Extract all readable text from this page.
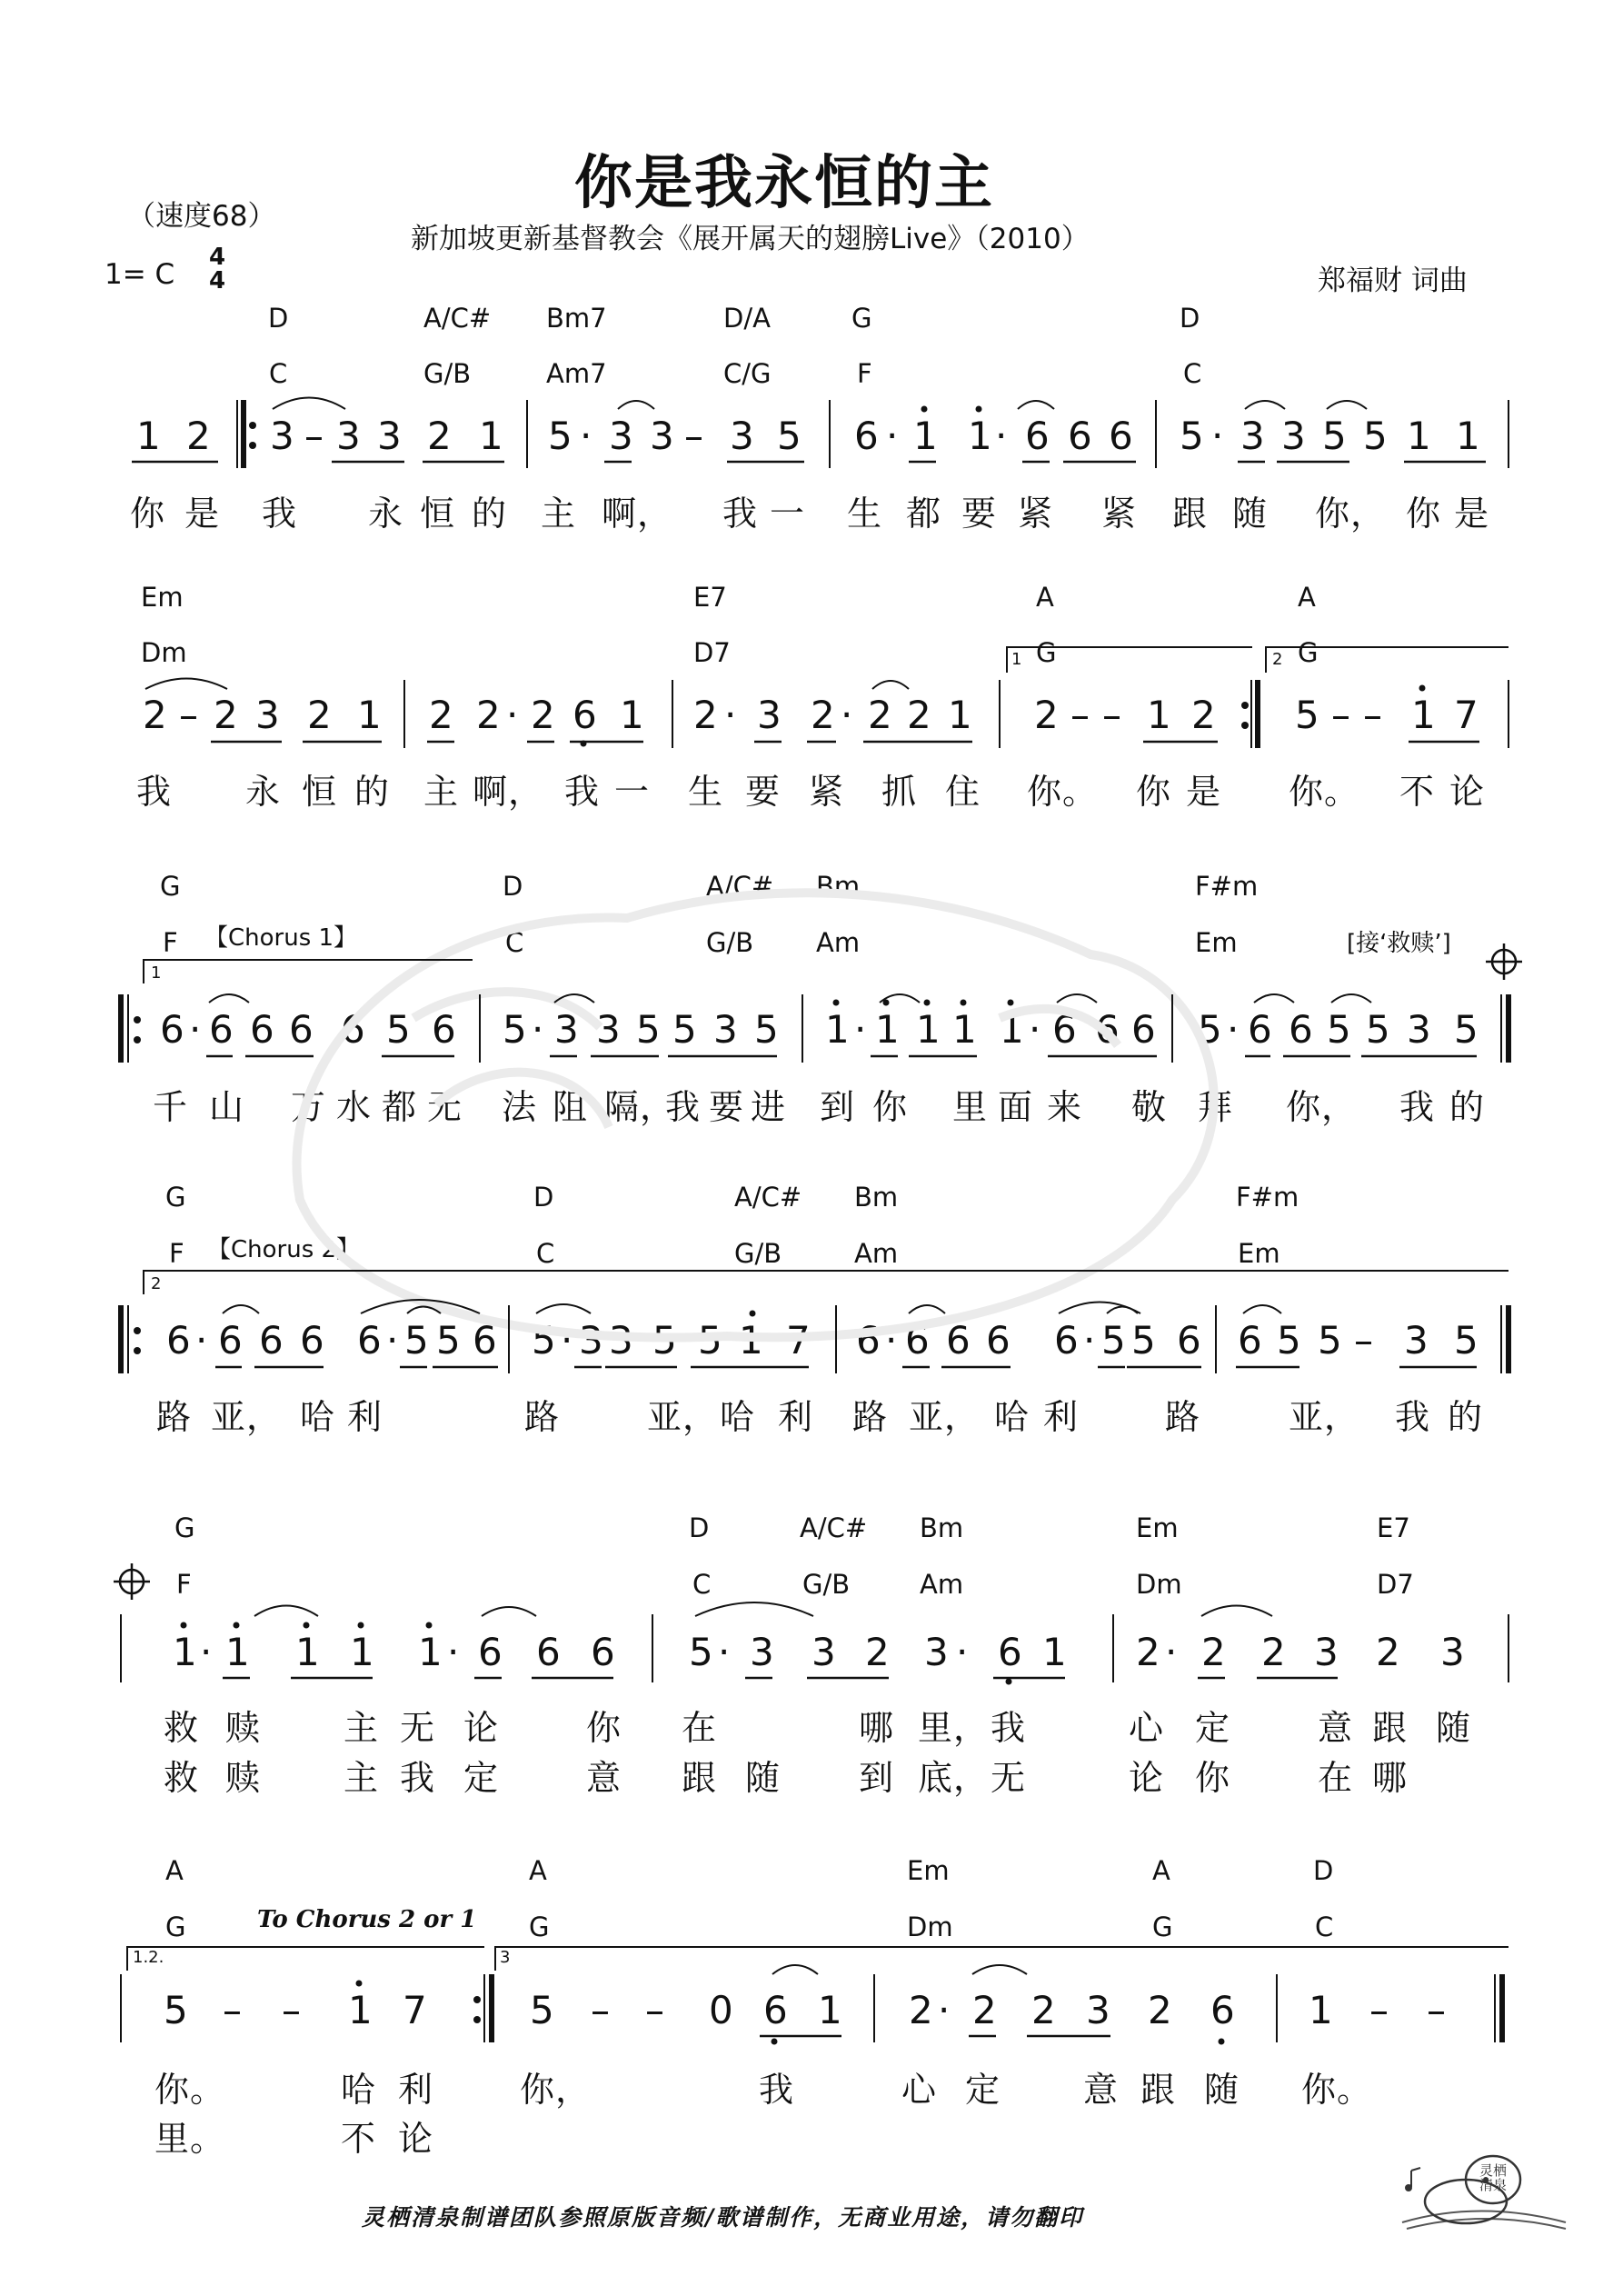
你是我永恒的主
（速度68）
新加坡更新基督教会《展开属天的翅膀Live》（2010）
1= C
4
4	郑福财 词曲
D	A/C# Bm7	D/A	G	D
C	G/B	Am7	C/G	F	C
1 2 3 – 3 3 2 1 5 · 3 3 – 3 5 6 · 1 1 · 6 6 6 5 · 3 3 5 5 1 1
你 是 我 永 恒 的 主 啊， 我 一 生 都 要 紧 紧 跟 随 你， 你 是
Em	E7	A	A
Dm	D7	G	G
1	2
2 – 2 3 2 1 2 2 · 2 6 1 2 · 3 2 · 2 2 1 2 – – 1 2 5 – – 1 7
我 永 恒 的 主 啊， 我 一 生 要 紧 抓 住 你。 你 是 你。 不 论
G	D	A/C# Bm	F#m
F 【Chorus 1】	C	G/B Am	Em	[接‘救赎’]
1
6 · 6 6 6 6 5 6 5 · 3 3 5 5 3 5 1 · 1 1 1 1 · 6 6 6 5 · 6 6 5 5 3 5
千 山 万 水 都 无 法 阻 隔，
我 要 进 到 你 里 面 来 敬 拜 你， 我 的
G	D	A/C# Bm	F#m
F 【Chorus 2】	C	G/B	Am	Em
2
6 · 6 6 6 6 · 5 5 6 5 · 3 3 5 5 1 7 6 · 6 6 6 6 · 5 5 6 6 5 5 – 3 5
路 亚， 哈 利	路	亚， 哈 利 路 亚， 哈 利 路	亚， 我 的
G	D	A/C# Bm	Em	E7
F	C	G/B	Am	Dm	D7
1 · 1 1 1 1 · 6 6 6 5 · 3 3 2 3 · 6 1 2 · 2 2 3 2 3
救 赎 主 无 论	你 在	哪 里， 我	心 定	意 跟 随
救 赎 主 我 定	意 跟 随 到 底， 无	论 你	在 哪
A	A	Em	A	D
G	To Chorus 2 or 1 G	Dm	G	C
1.2.	3
5 – – 1 7	5 – – 0 6 1 2 · 2 2 3 2 6 1 – –
你。	哈 利 你，	我	心 定 意 跟 随 你。
里。	不 论
灵栖清泉制谱团队参照原版音频/歌谱制作，无商业用途，请勿翻印
灵栖清泉
